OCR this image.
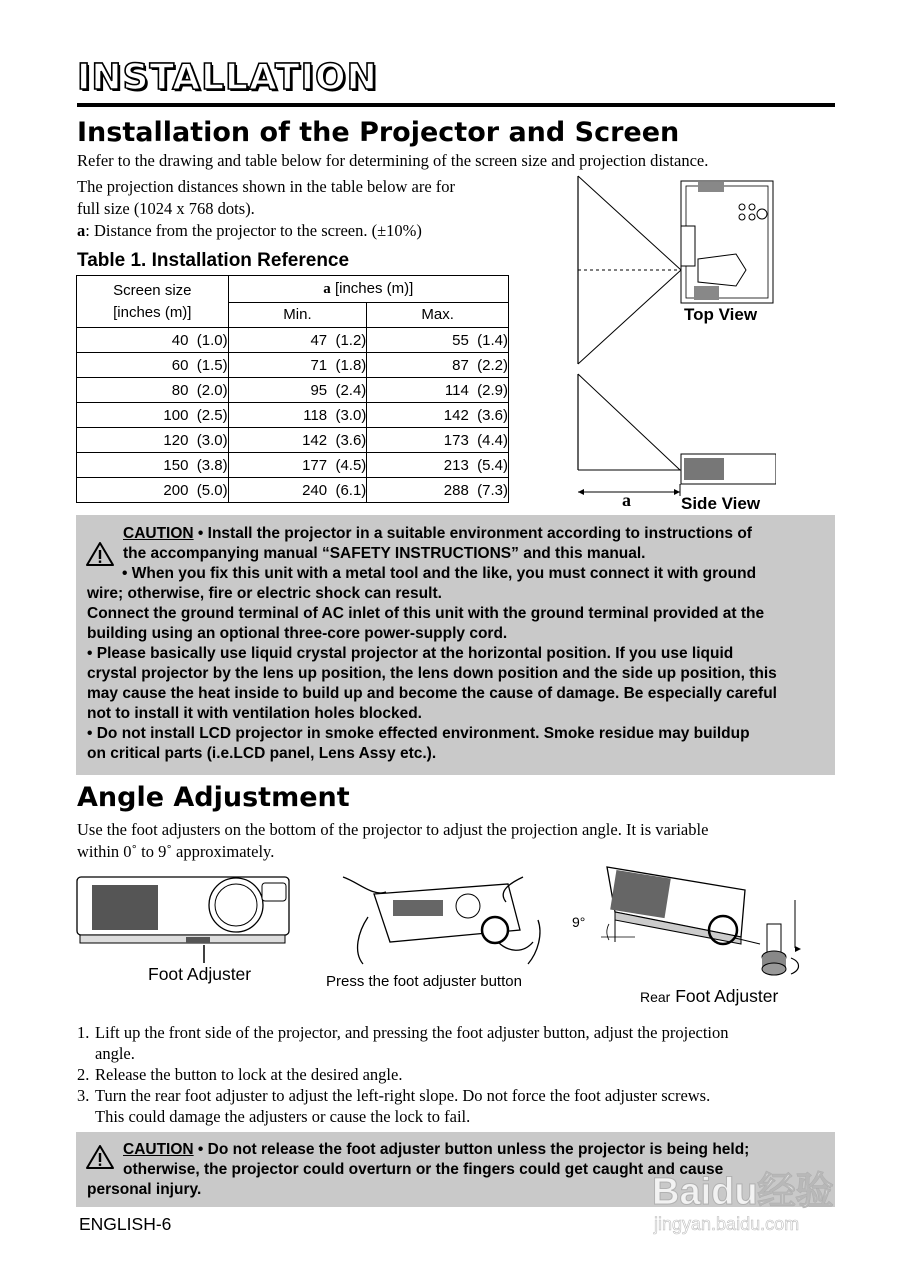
INSTALLATION
Installation of the Projector and Screen
Refer to the drawing and table below for determining of the screen size and projection distance.
The projection distances shown in the table below are for
full size (1024 x 768 dots).
a: Distance from the projector to the screen. (±10%)
Table 1. Installation Reference
Screen size
[inches (m)]	a [inches (m)]	
	Min.	Max.
40  (1.0)	47  (1.2)	55  (1.4)
60  (1.5)	71  (1.8)	87  (2.2)
80  (2.0)	95  (2.4)	114  (2.9)
100  (2.5)	118  (3.0)	142  (3.6)
120  (3.0)	142  (3.6)	173  (4.4)
150  (3.8)	177  (4.5)	213  (5.4)
200  (5.0)	240  (6.1)	288  (7.3)
Top View
Side View
a
CAUTION • Install the projector in a suitable environment according to instructions of
the accompanying manual “SAFETY INSTRUCTIONS” and this manual.
• When you fix this unit with a metal tool and the like, you must connect it with ground
wire; otherwise, fire or electric shock can result.
Connect the ground terminal of AC inlet of this unit with the ground terminal provided at the
building using an optional three-core power-supply cord.
• Please basically use liquid crystal projector at the horizontal position. If you use liquid
crystal projector by the lens up position, the lens down position and the side up position, this
may cause the heat inside to build up and become the cause of damage. Be especially careful
not to install it with ventilation holes blocked.
• Do not install LCD projector in smoke effected environment. Smoke residue may buildup
on critical parts (i.e.LCD panel, Lens Assy etc.).
Angle Adjustment
Use the foot adjusters on the bottom of the projector to adjust the projection angle. It is variable
within 0˚ to 9˚ approximately.
Foot Adjuster	Press the foot adjuster button
9°
Rear Foot Adjuster
1. Lift up the front side of the projector, and pressing the foot adjuster button, adjust the projection
angle.
2. Release the button to lock at the desired angle.
3. Turn the rear foot adjuster to adjust the left-right slope. Do not force the foot adjuster screws.
This could damage the adjusters or cause the lock to fail.
CAUTION • Do not release the foot adjuster button unless the projector is being held;
otherwise, the projector could overturn or the fingers could get caught and cause
personal injury.
ENGLISH-6
Baidu经验
jingyan.baidu.com
